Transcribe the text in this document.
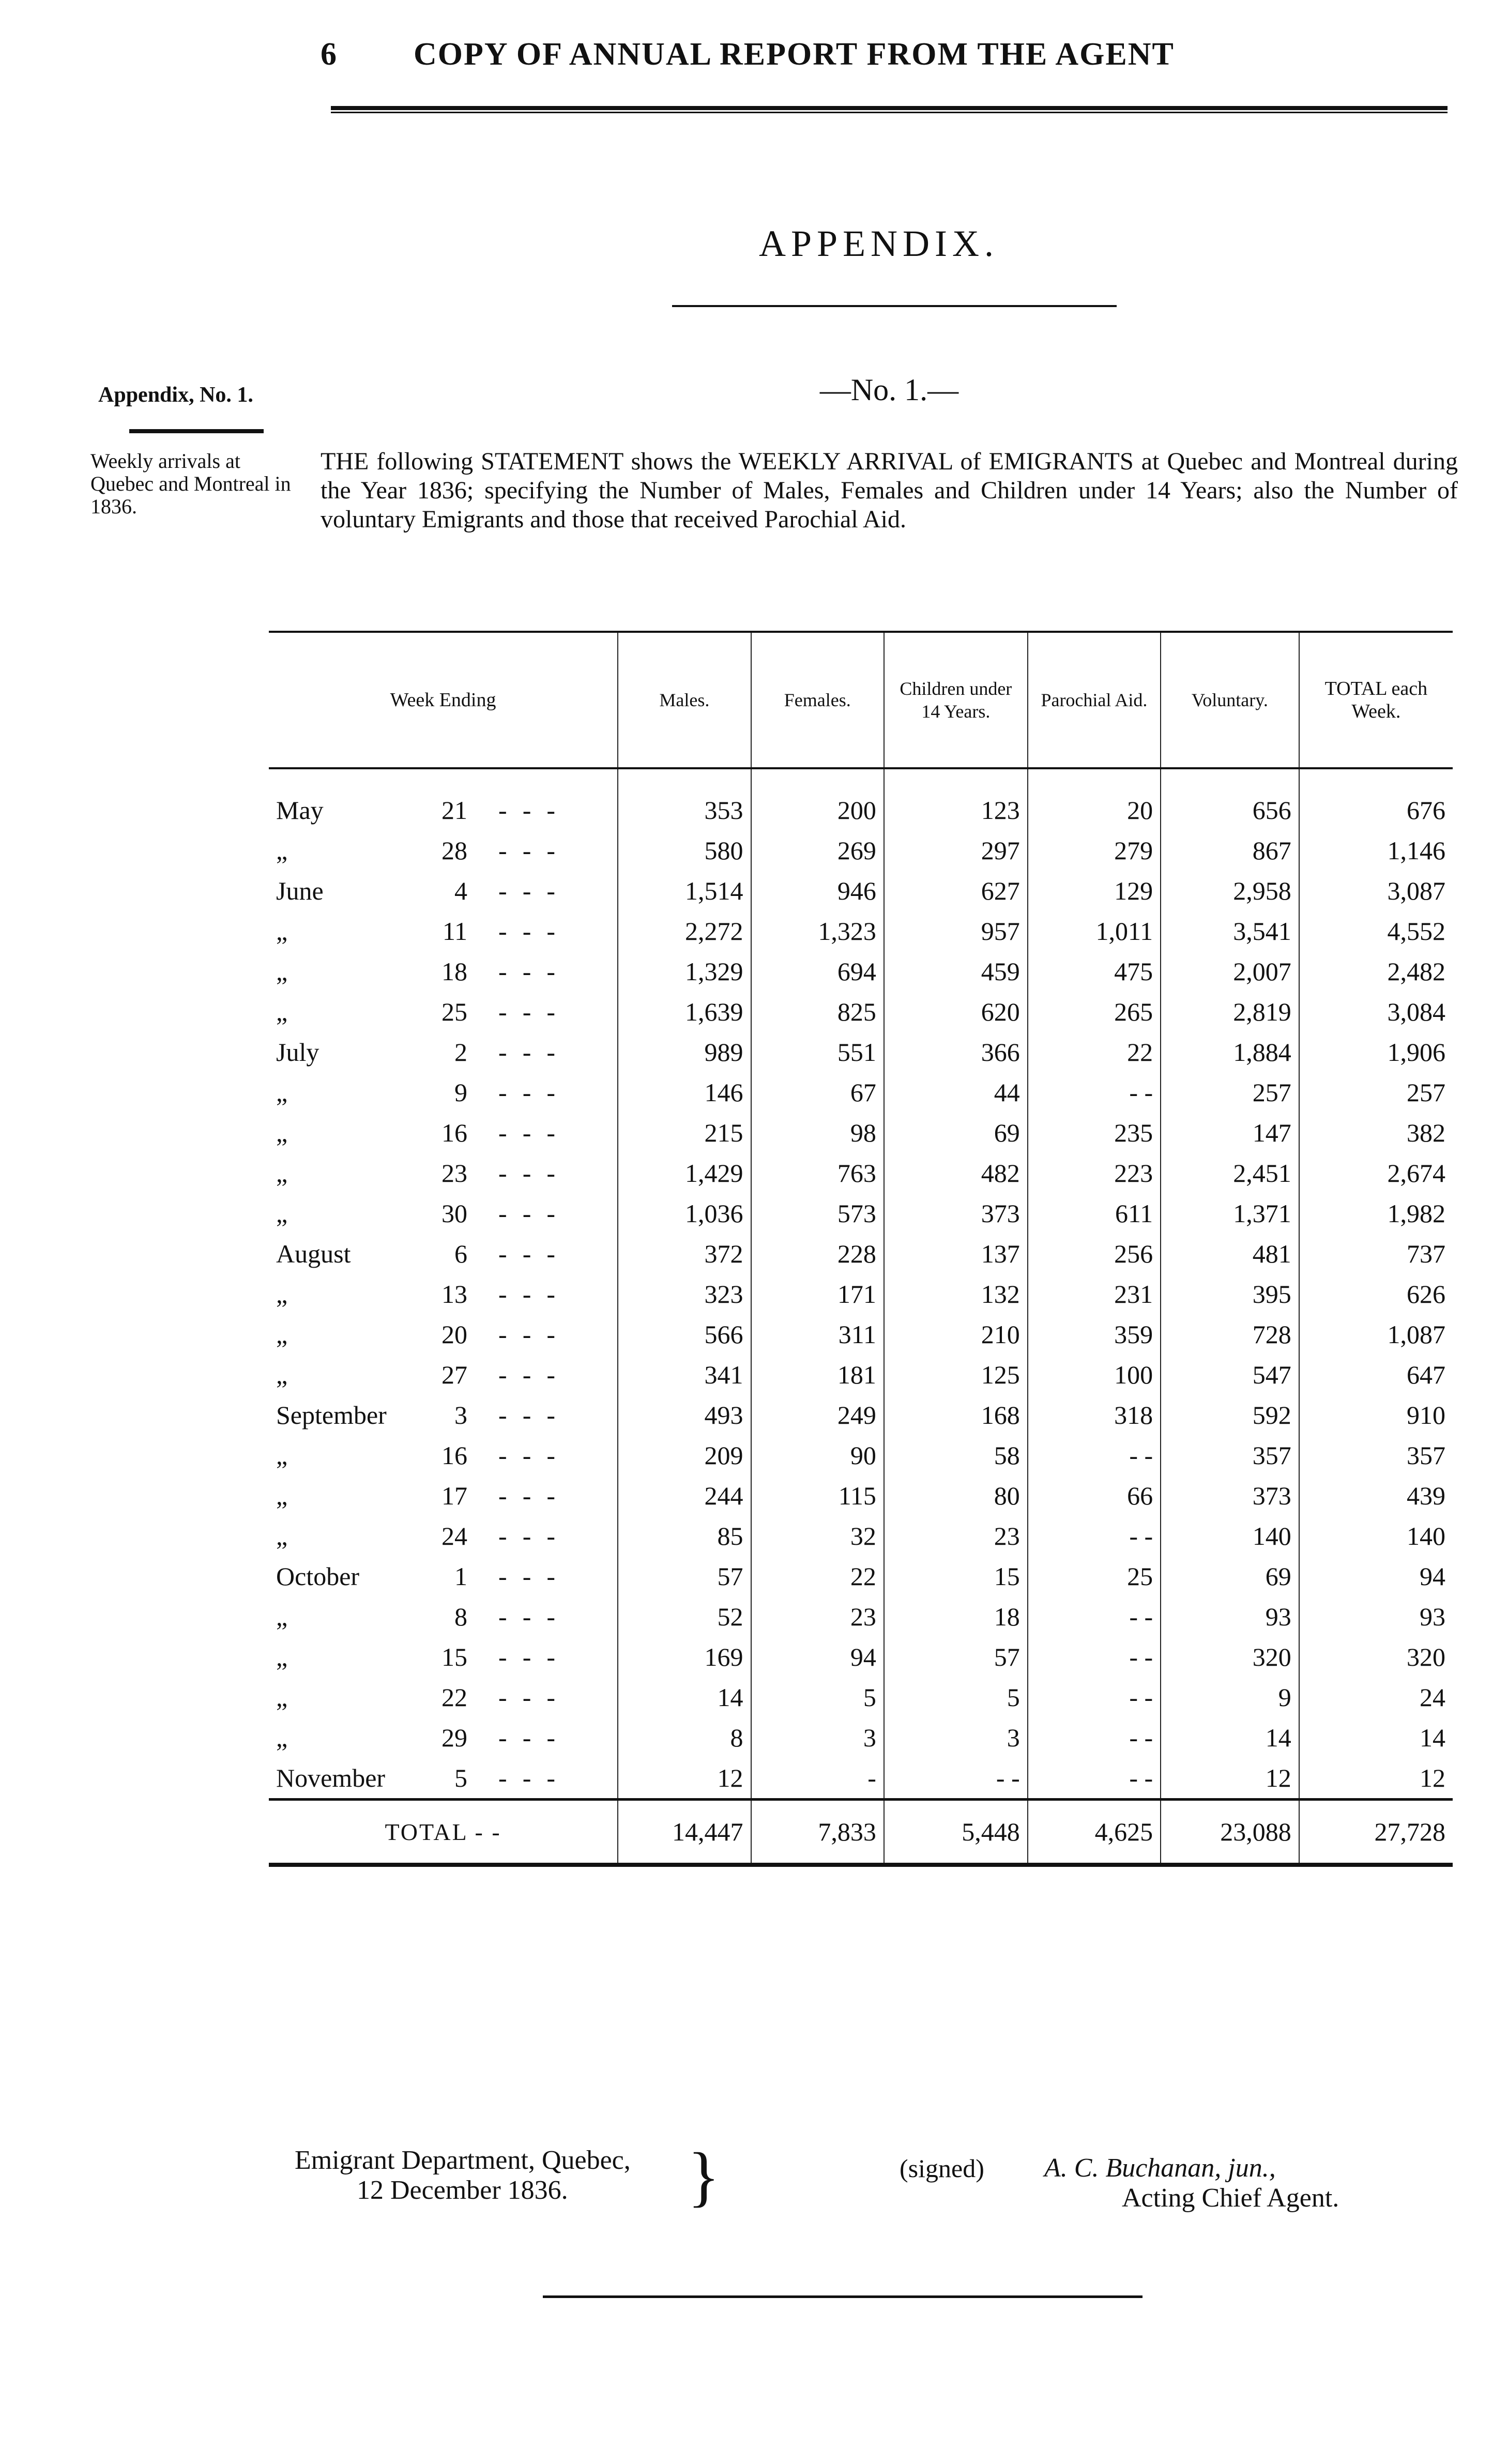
6	COPY OF ANNUAL REPORT FROM THE AGENT
APPENDIX.
Appendix, No. 1.
Weekly arrivals at Quebec and Montreal in 1836.
—No. 1.—
THE following STATEMENT shows the WEEKLY ARRIVAL of EMIGRANTS at Quebec and Montreal during the Year 1836; specifying the Number of Males, Females and Children under 14 Years; also the Number of voluntary Emigrants and those that received Parochial Aid.
Week Ending	Males.	Females.	Children under 14 Years.	Parochial Aid.	Voluntary.	TOTAL each Week.
May 21 ---	353	200	123	20	656	676
„ 28 ---	580	269	297	279	867	1,146
June 4 ---	1,514	946	627	129	2,958	3,087
„ 11 ---	2,272	1,323	957	1,011	3,541	4,552
„ 18 ---	1,329	694	459	475	2,007	2,482
„ 25 ---	1,639	825	620	265	2,819	3,084
July 2 ---	989	551	366	22	1,884	1,906
„ 9 ---	146	67	44	- -	257	257
„ 16 ---	215	98	69	235	147	382
„ 23 ---	1,429	763	482	223	2,451	2,674
„ 30 ---	1,036	573	373	611	1,371	1,982
August 6 ---	372	228	137	256	481	737
„ 13 ---	323	171	132	231	395	626
„ 20 ---	566	311	210	359	728	1,087
„ 27 ---	341	181	125	100	547	647
September 3 ---	493	249	168	318	592	910
„ 16 ---	209	90	58	- -	357	357
„ 17 ---	244	115	80	66	373	439
„ 24 ---	85	32	23	- -	140	140
October 1 ---	57	22	15	25	69	94
„ 8 ---	52	23	18	- -	93	93
„ 15 ---	169	94	57	- -	320	320
„ 22 ---	14	5	5	- -	9	24
„ 29 ---	8	3	3	- -	14	14
November 5 ---	12	-	- -	- -	12	12
TOTAL - -	14,447	7,833	5,448	4,625	23,088	27,728
Emigrant Department, Quebec,
12 December 1836.	}	(signed) A. C. Buchanan, jun.,
Acting Chief Agent.
